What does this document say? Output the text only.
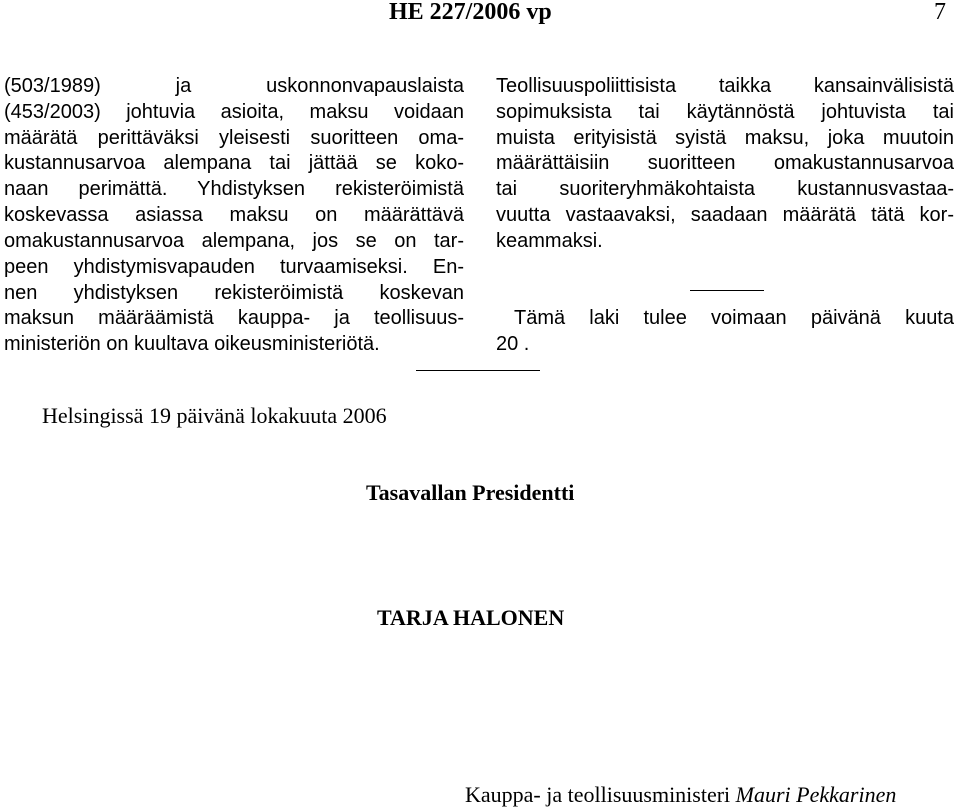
HE 227/2006 vp	7
(503/1989) ja uskonnonvapauslaista
(453/2003) johtuvia asioita, maksu voidaan
määrätä perittäväksi yleisesti suoritteen oma-
kustannusarvoa alempana tai jättää se koko-
naan perimättä. Yhdistyksen rekisteröimistä
koskevassa asiassa maksu on määrättävä
omakustannusarvoa alempana, jos se on tar-
peen yhdistymisvapauden turvaamiseksi. En-
nen yhdistyksen rekisteröimistä koskevan
maksun määräämistä kauppa- ja teollisuus-
ministeriön on kuultava oikeusministeriötä.
Teollisuuspoliittisista taikka kansainvälisistä
sopimuksista tai käytännöstä johtuvista tai
muista erityisistä syistä maksu, joka muutoin
määrättäisiin suoritteen omakustannusarvoa
tai suoriteryhmäkohtaista kustannusvastaa-
vuutta vastaavaksi, saadaan määrätä tätä kor-
keammaksi.
Tämä laki tulee voimaan päivänä kuuta
20 .
Helsingissä 19 päivänä lokakuuta 2006
Tasavallan Presidentti
TARJA HALONEN
Kauppa- ja teollisuusministeri Mauri Pekkarinen
